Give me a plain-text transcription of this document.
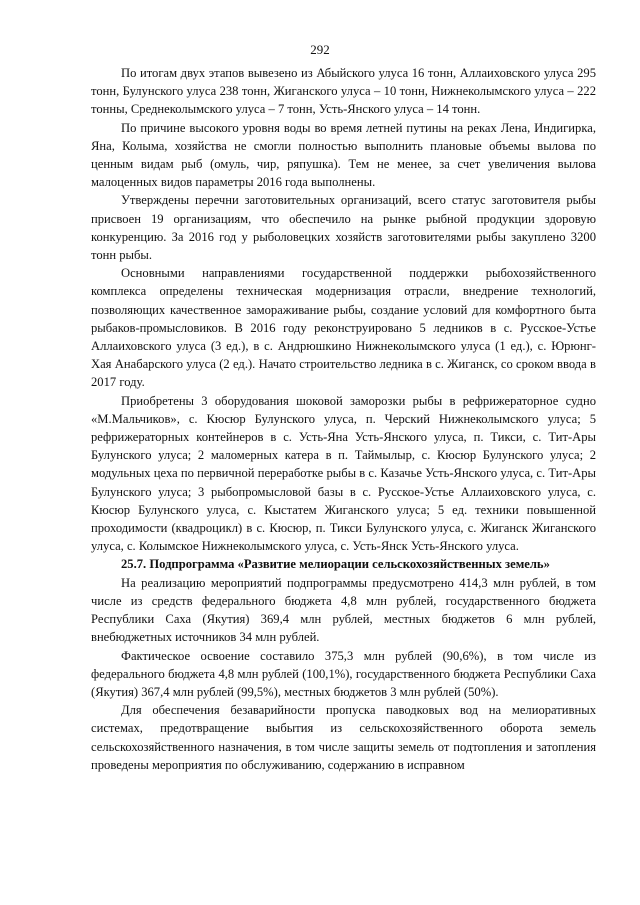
292

По итогам двух этапов вывезено из Абыйского улуса 16 тонн, Аллаиховского улуса 295 тонн, Булунского улуса 238 тонн, Жиганского улуса – 10 тонн, Нижнеколымского улуса – 222 тонны, Среднеколымского улуса – 7 тонн, Усть-Янского улуса – 14 тонн.

По причине высокого уровня воды во время летней путины на реках Лена, Индигирка, Яна, Колыма, хозяйства не смогли полностью выполнить плановые объемы вылова по ценным видам рыб (омуль, чир, ряпушка). Тем не менее, за счет увеличения вылова малоценных видов параметры 2016 года выполнены.

Утверждены перечни заготовительных организаций, всего статус заготовителя рыбы присвоен 19 организациям, что обеспечило на рынке рыбной продукции здоровую конкуренцию. За 2016 год у рыболовецких хозяйств заготовителями рыбы закуплено 3200 тонн рыбы.

Основными направлениями государственной поддержки рыбохозяйственного комплекса определены техническая модернизация отрасли, внедрение технологий, позволяющих качественное замораживание рыбы, создание условий для комфортного быта рыбаков-промысловиков. В 2016 году реконструировано 5 ледников в с. Русское-Устье Аллаиховского улуса (3 ед.), в с. Андрюшкино Нижнеколымского улуса (1 ед.), с. Юрюнг-Хая Анабарского улуса (2 ед.). Начато строительство ледника в с. Жиганск, со сроком ввода в 2017 году.

Приобретены 3 оборудования шоковой заморозки рыбы в рефрижераторное судно «М.Мальчиков», с. Кюсюр Булунского улуса, п. Черский Нижнеколымского улуса; 5 рефрижераторных контейнеров в с. Усть-Яна Усть-Янского улуса, п. Тикси, с. Тит-Ары Булунского улуса; 2 маломерных катера в п. Таймылыр, с. Кюсюр Булунского улуса; 2 модульных цеха по первичной переработке рыбы в с. Казачье Усть-Янского улуса, с. Тит-Ары Булунского улуса; 3 рыбопромысловой базы в с. Русское-Устье Аллаиховского улуса, с. Кюсюр Булунского улуса, с. Кыстатем Жиганского улуса; 5 ед. техники повышенной проходимости (квадроцикл) в с. Кюсюр, п. Тикси Булунского улуса, с. Жиганск Жиганского улуса, с. Колымское Нижнеколымского улуса, с. Усть-Янск Усть-Янского улуса.

25.7. Подпрограмма «Развитие мелиорации сельскохозяйственных земель»

На реализацию мероприятий подпрограммы предусмотрено 414,3 млн рублей, в том числе из средств федерального бюджета 4,8 млн рублей, государственного бюджета Республики Саха (Якутия) 369,4 млн рублей, местных бюджетов 6 млн рублей, внебюджетных источников 34 млн рублей.

Фактическое освоение составило 375,3 млн рублей (90,6%), в том числе из федерального бюджета 4,8 млн рублей (100,1%), государственного бюджета Республики Саха (Якутия) 367,4 млн рублей (99,5%), местных бюджетов 3 млн рублей (50%).

Для обеспечения безаварийности пропуска паводковых вод на мелиоративных системах, предотвращение выбытия из сельскохозяйственного оборота земель сельскохозяйственного назначения, в том числе защиты земель от подтопления и затопления проведены мероприятия по обслуживанию, содержанию в исправном
